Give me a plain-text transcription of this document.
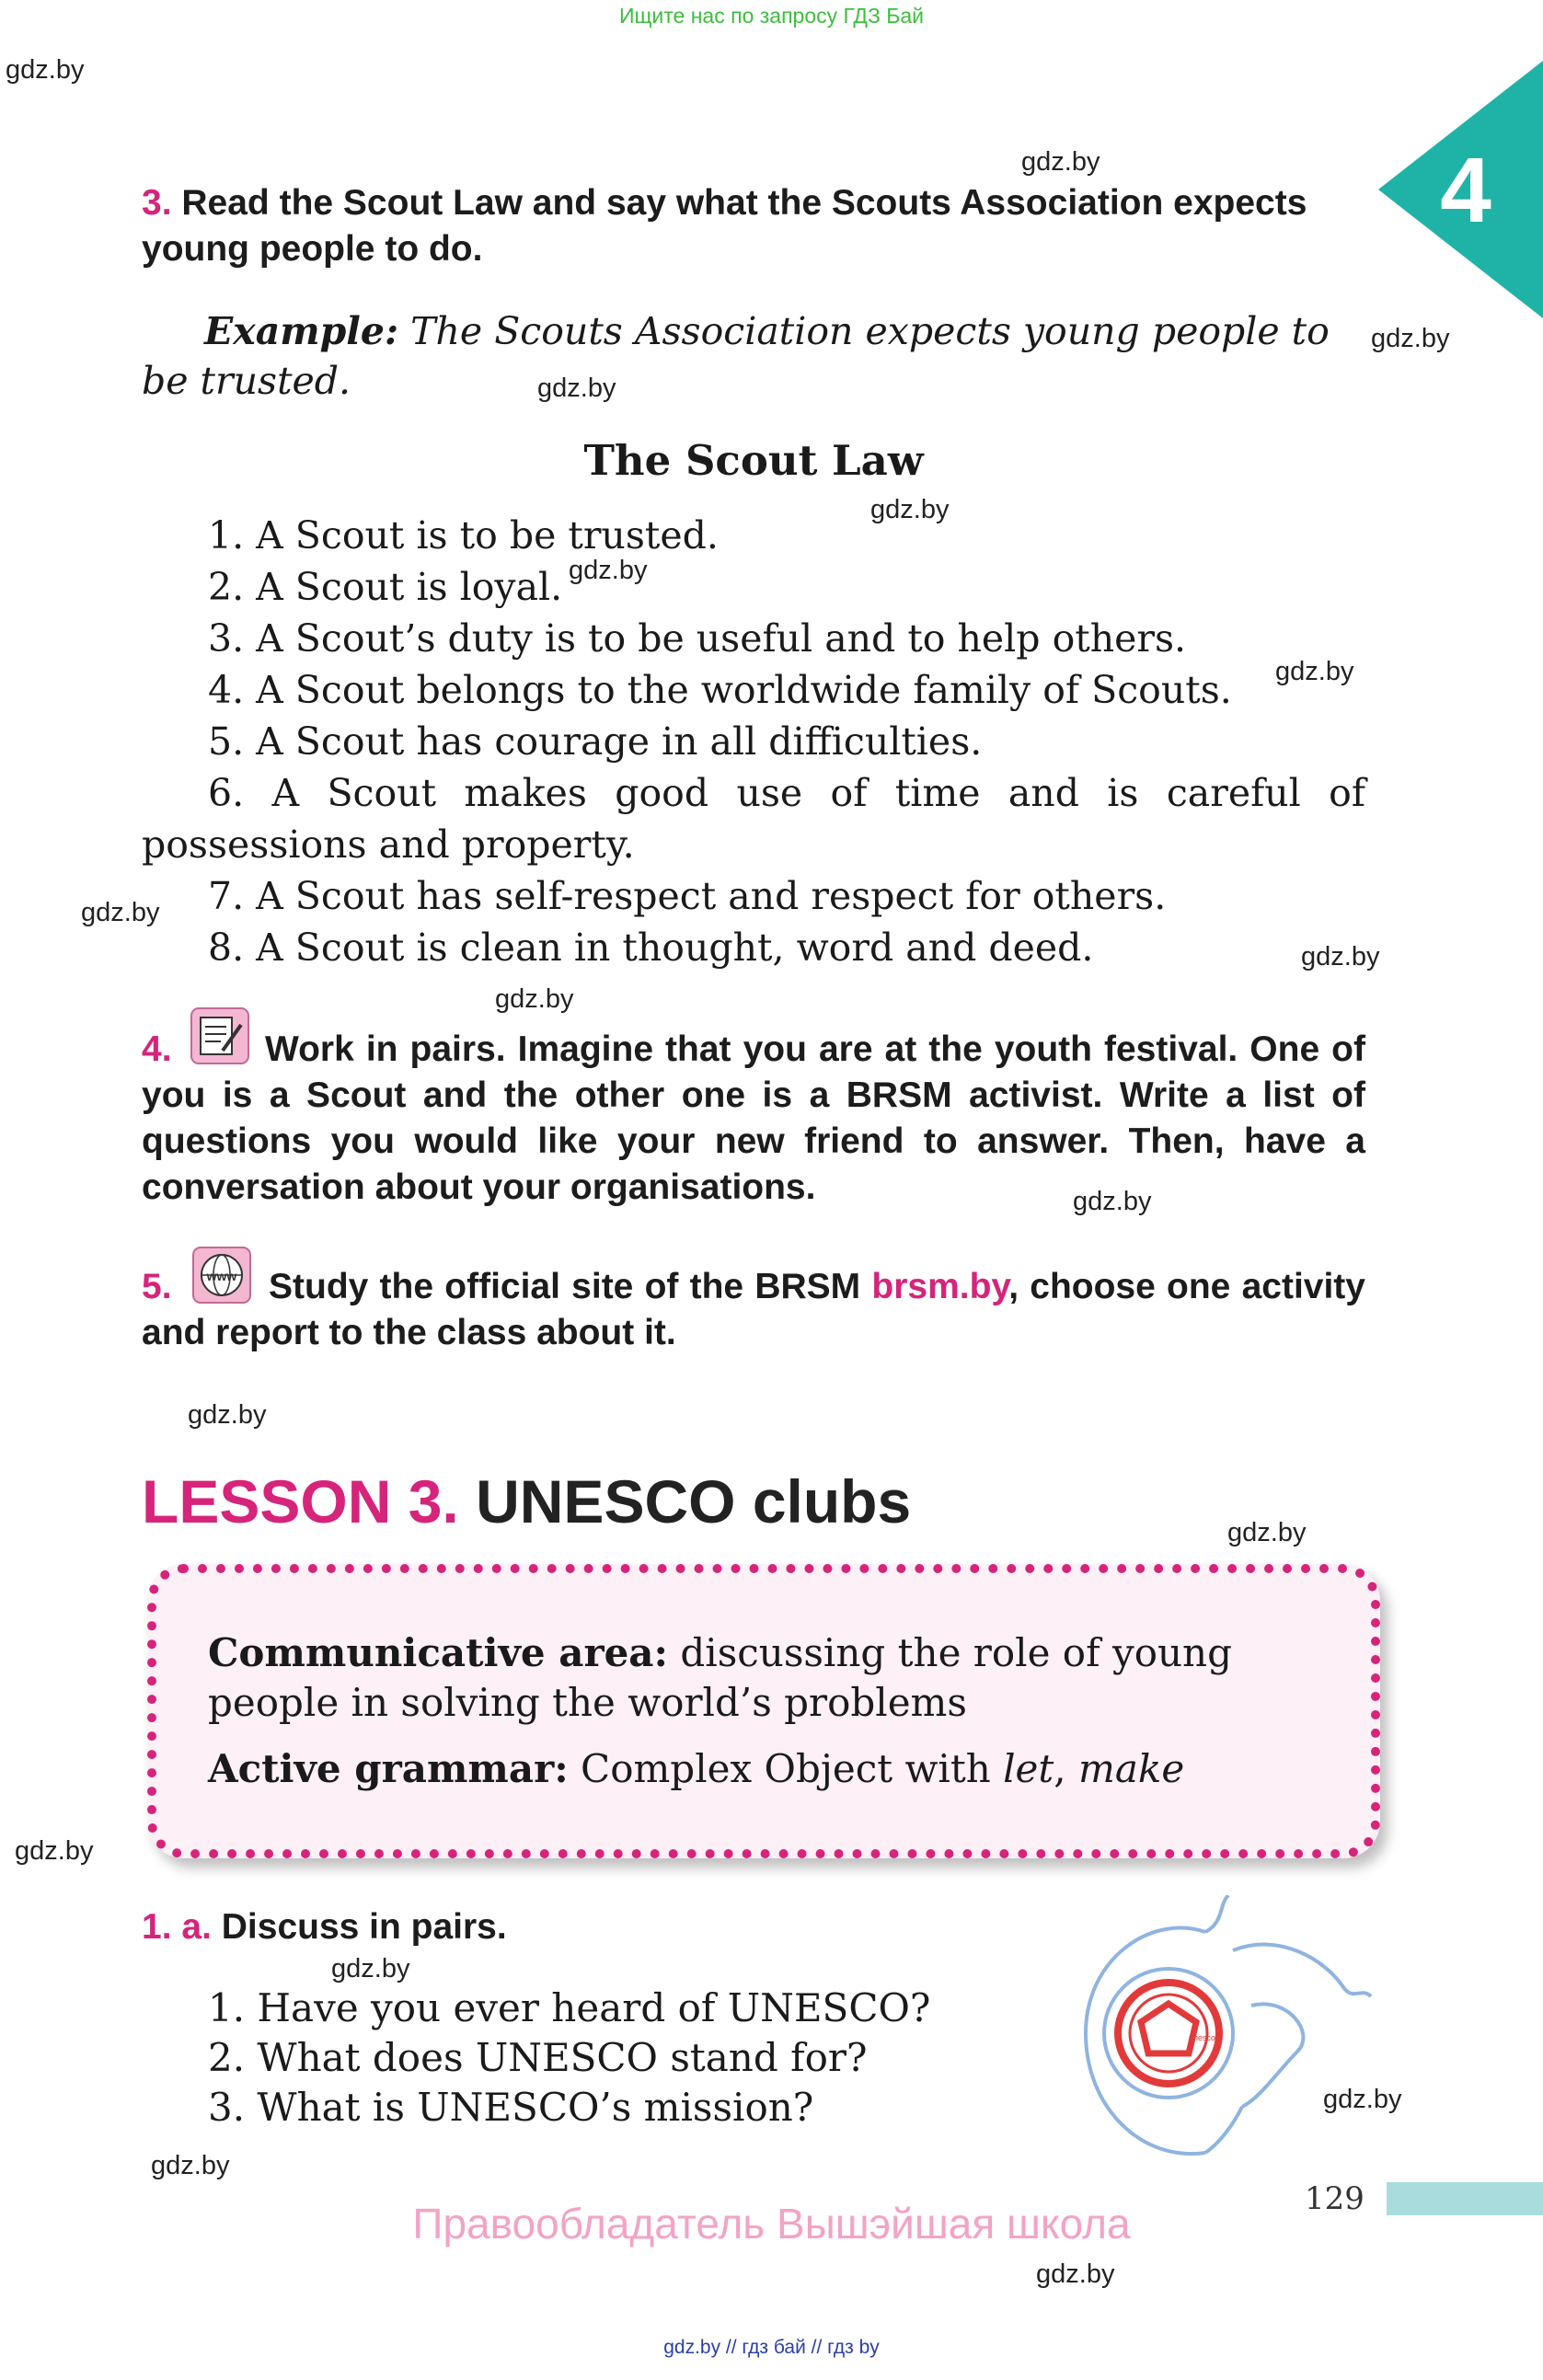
Ищите нас по запросу ГДЗ Бай
4
gdz.by
gdz.by
gdz.by
gdz.by
gdz.by
gdz.by
gdz.by
gdz.by
gdz.by
gdz.by
gdz.by
gdz.by
gdz.by
gdz.by
gdz.by
gdz.by
gdz.by
gdz.by
3. Read the Scout Law and say what the Scouts Association expects young people to do.
Example: The Scouts Association expects young people to be trusted.
The Scout Law
1. A Scout is to be trusted.
2. A Scout is loyal.
3. A Scout’s duty is to be useful and to help others.
4. A Scout belongs to the worldwide family of Scouts.
5. A Scout has courage in all difficulties.
6. A Scout makes good use of time and is careful of possessions and property.
7. A Scout has self-respect and respect for others.
8. A Scout is clean in thought, word and deed.
4.	Work in pairs. Imagine that you are at the youth festival. One of you is a Scout and the other one is a BRSM activist. Write a list of questions you would like your new friend to answer. Then, have a conversation about your organisations.
www
5.	Study the official site of the BRSM brsm.by, choose one activity and report to the class about it.
LESSON 3. UNESCO clubs
Communicative area: discussing the role of young people in solving the world’s problems
Active grammar: Complex Object with let, make
1. a. Discuss in pairs.
1. Have you ever heard of UNESCO?
2. What does UNESCO stand for?
3. What is UNESCO’s mission?
unesco
129
Правообладатель Вышэйшая школа
gdz.by // гдз бай // гдз by
